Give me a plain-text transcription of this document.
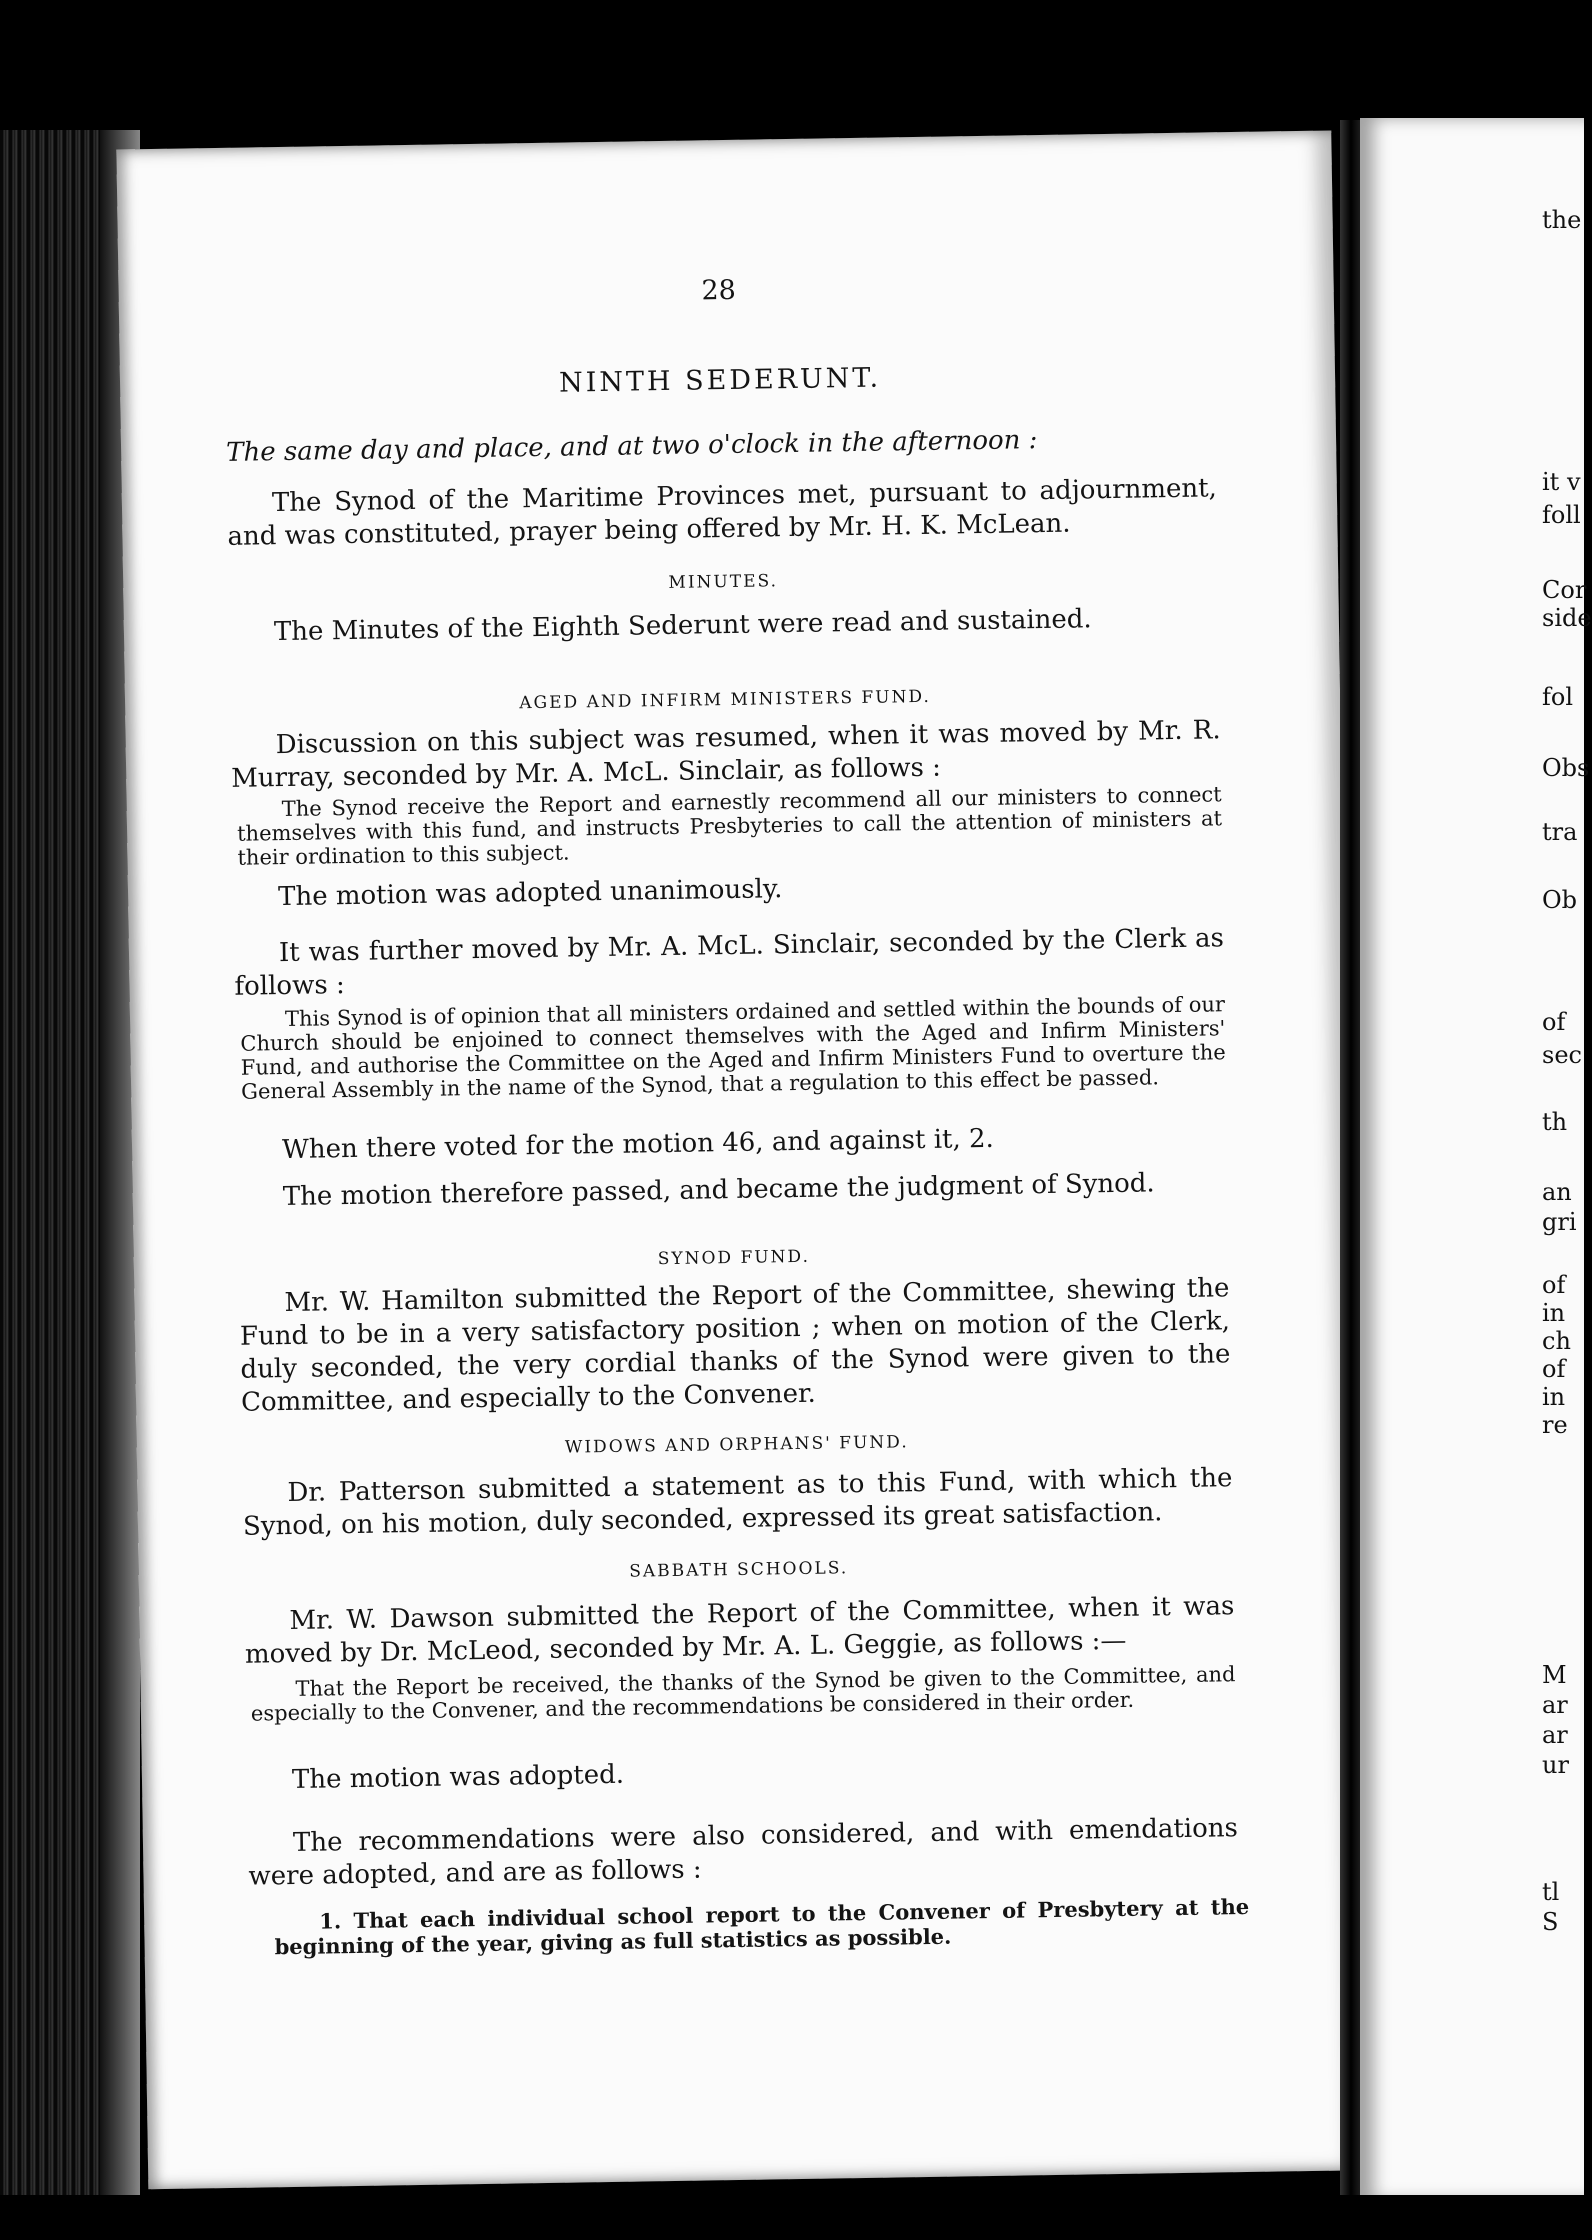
28
NINTH SEDERUNT.
The same day and place, and at two o'clock in the afternoon :
The Synod of the Maritime Provinces met, pursuant to adjournment, and was constituted, prayer being offered by Mr. H. K. McLean.
MINUTES.
The Minutes of the Eighth Sederunt were read and sustained.
AGED AND INFIRM MINISTERS FUND.
Discussion on this subject was resumed, when it was moved by Mr. R. Murray, seconded by Mr. A. McL. Sinclair, as follows :
The Synod receive the Report and earnestly recommend all our ministers to connect themselves with this fund, and instructs Presbyteries to call the attention of ministers at their ordination to this subject.
The motion was adopted unanimously.
It was further moved by Mr. A. McL. Sinclair, seconded by the Clerk as follows :
This Synod is of opinion that all ministers ordained and settled within the bounds of our Church should be enjoined to connect themselves with the Aged and Infirm Ministers' Fund, and authorise the Committee on the Aged and Infirm Ministers Fund to overture the General Assembly in the name of the Synod, that a regulation to this effect be passed.
When there voted for the motion 46, and against it, 2.
The motion therefore passed, and became the judgment of Synod.
SYNOD FUND.
Mr. W. Hamilton submitted the Report of the Committee, shewing the Fund to be in a very satisfactory position ; when on motion of the Clerk, duly seconded, the very cordial thanks of the Synod were given to the Committee, and especially to the Convener.
WIDOWS AND ORPHANS' FUND.
Dr. Patterson submitted a statement as to this Fund, with which the Synod, on his motion, duly seconded, expressed its great satisfaction.
SABBATH SCHOOLS.
Mr. W. Dawson submitted the Report of the Committee, when it was moved by Dr. McLeod, seconded by Mr. A. L. Geggie, as follows :—
That the Report be received, the thanks of the Synod be given to the Committee, and especially to the Convener, and the recommendations be considered in their order.
The motion was adopted.
The recommendations were also considered, and with emendations were adopted, and are as follows :
1. That each individual school report to the Convener of Presbytery at the beginning of the year, giving as full statistics as possible.
the
it v
foll
Cor
side
fol
Obs
tra
Ob
of
sec
th
an
gri
of
in
ch
of
in
re
M
ar
ar
ur
tl
S
